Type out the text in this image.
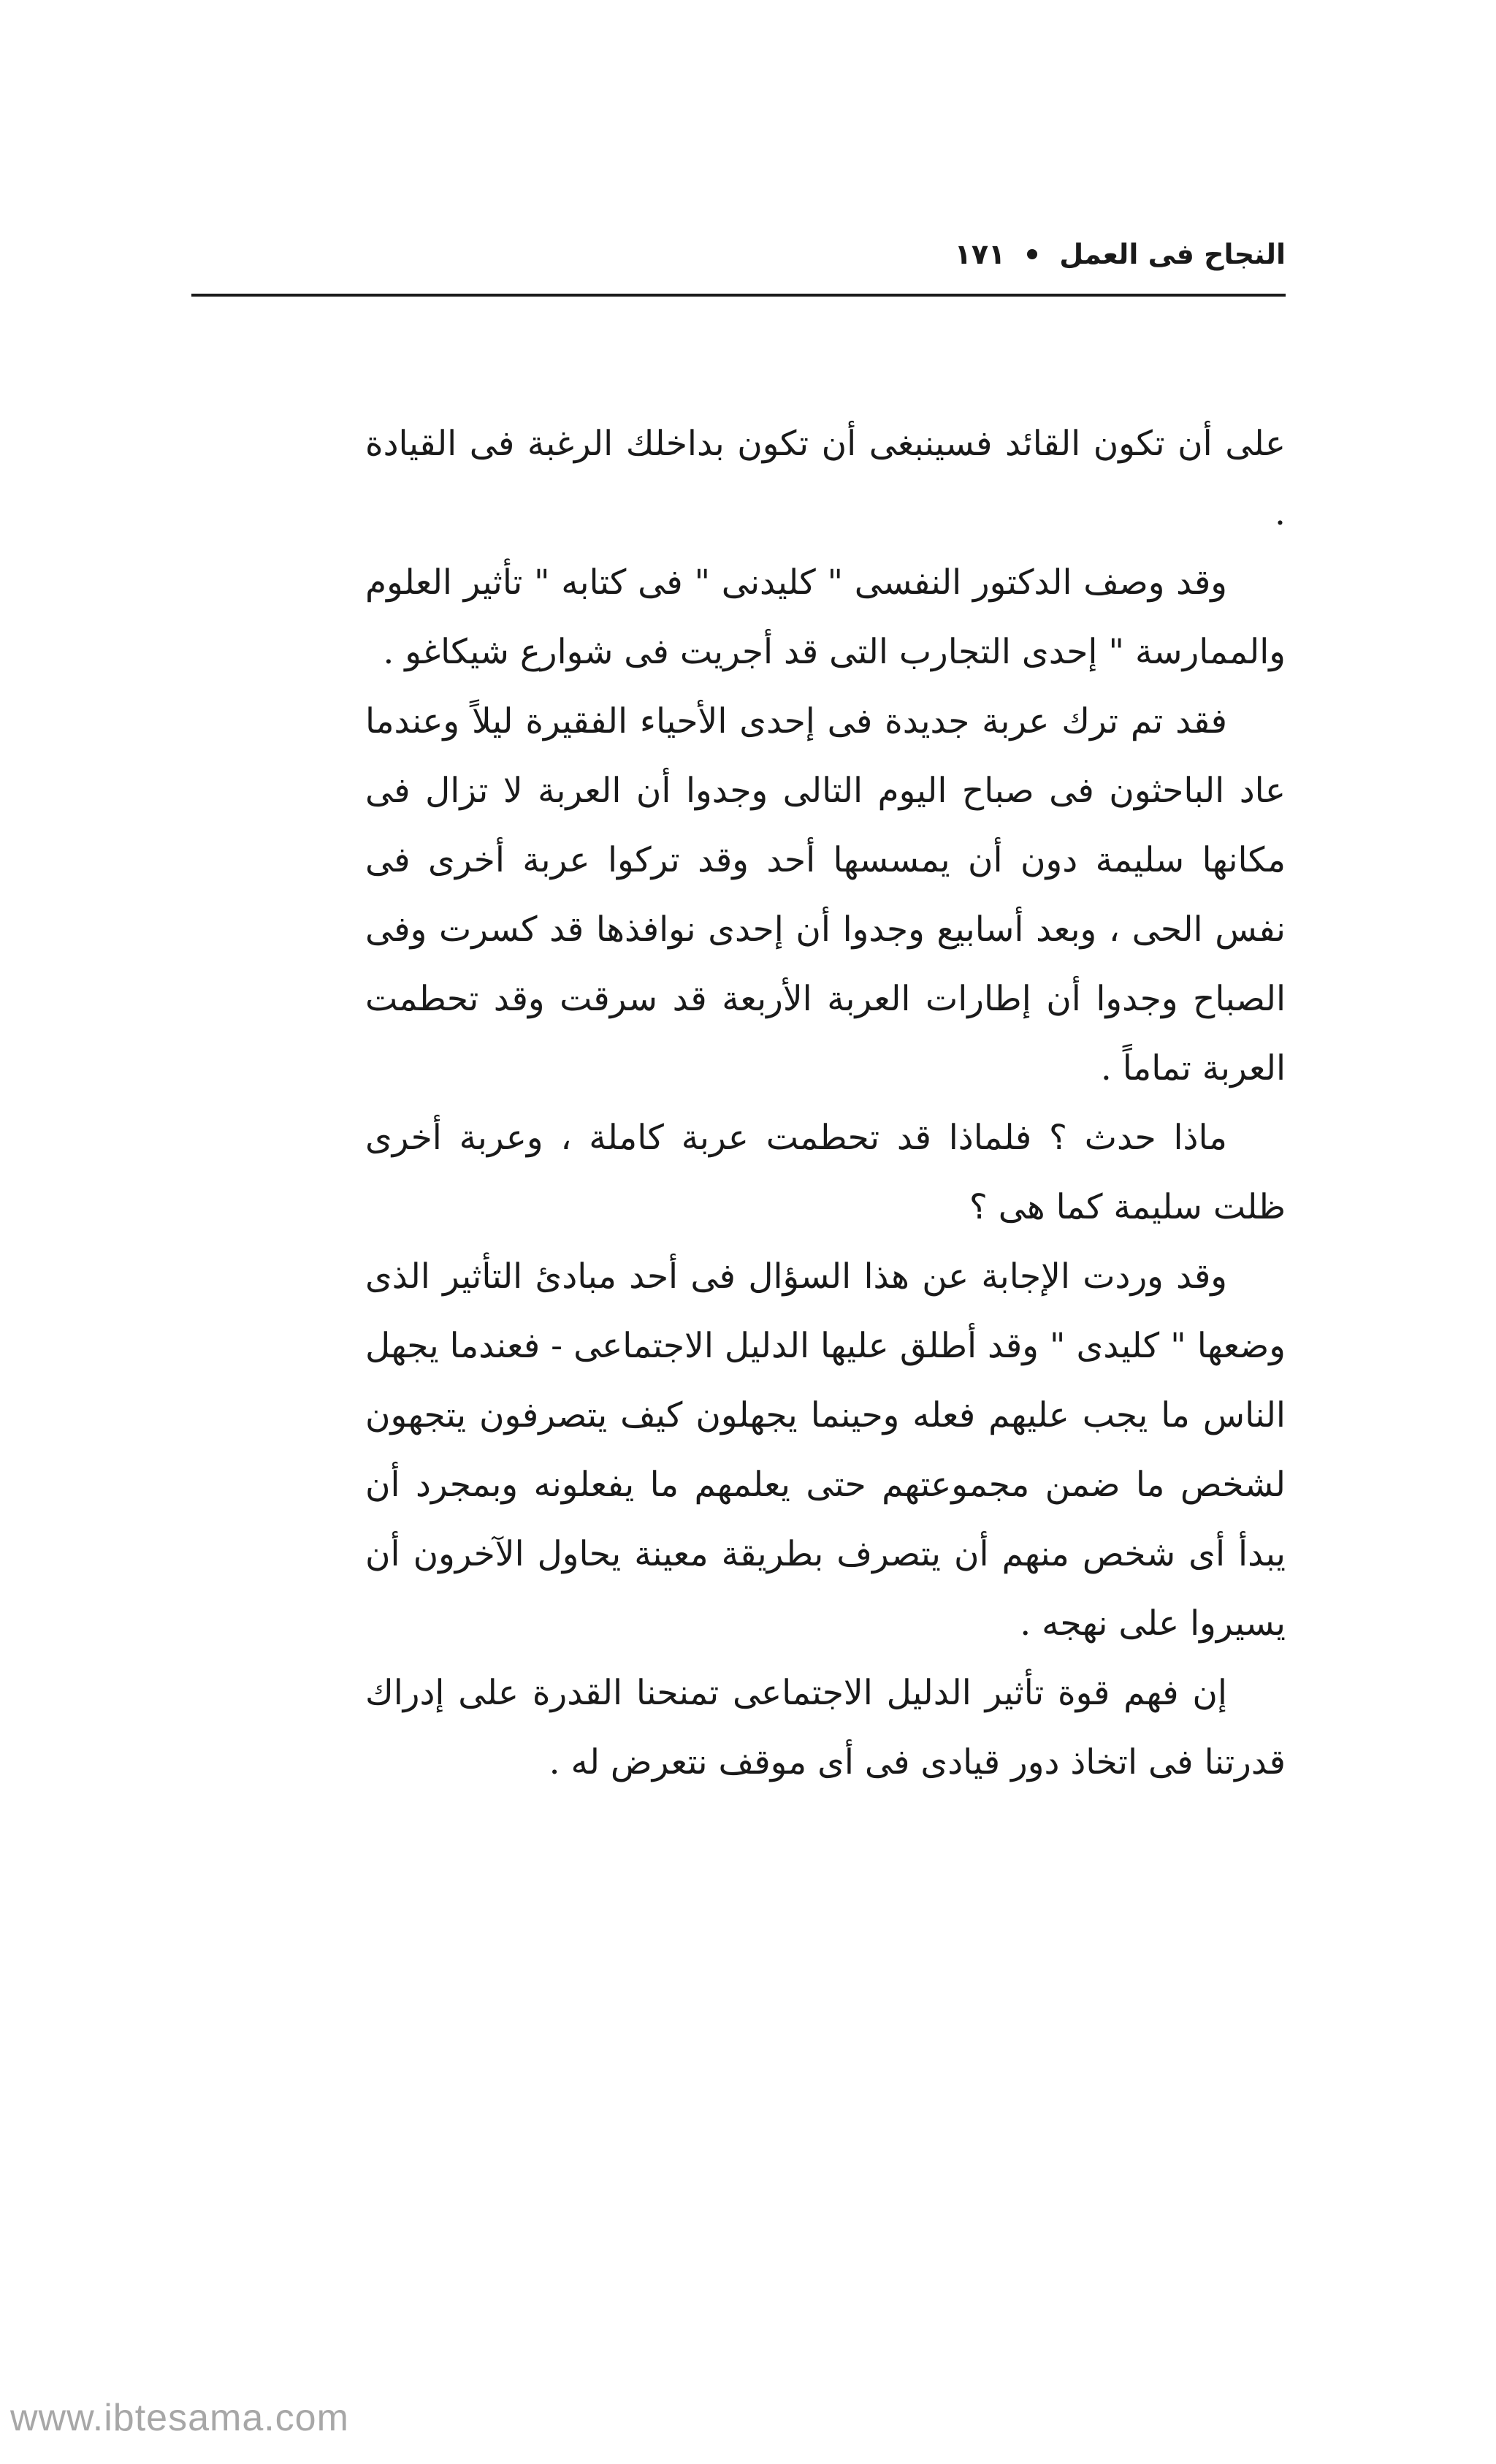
النجاح فى العمل
١٧١

على أن تكون القائد فسينبغى أن تكون بداخلك الرغبة فى القيادة .

وقد وصف الدكتور النفسى " كليدنى " فى كتابه " تأثير العلوم والممارسة " إحدى التجارب التى قد أجريت فى شوارع شيكاغو .

فقد تم ترك عربة جديدة فى إحدى الأحياء الفقيرة ليلاً وعندما عاد الباحثون فى صباح اليوم التالى وجدوا أن العربة لا تزال فى مكانها سليمة دون أن يمسسها أحد وقد تركوا عربة أخرى فى نفس الحى ، وبعد أسابيع وجدوا أن إحدى نوافذها قد كسرت وفى الصباح وجدوا أن إطارات العربة الأربعة قد سرقت وقد تحطمت العربة تماماً .

ماذا حدث ؟ فلماذا قد تحطمت عربة كاملة ، وعربة أخرى ظلت سليمة كما هى ؟

وقد وردت الإجابة عن هذا السؤال فى أحد مبادئ التأثير الذى وضعها " كليدى " وقد أطلق عليها الدليل الاجتماعى - فعندما يجهل الناس ما يجب عليهم فعله وحينما يجهلون كيف يتصرفون يتجهون لشخص ما ضمن مجموعتهم حتى يعلمهم ما يفعلونه وبمجرد أن يبدأ أى شخص منهم أن يتصرف بطريقة معينة يحاول الآخرون أن يسيروا على نهجه .

إن فهم قوة تأثير الدليل الاجتماعى تمنحنا القدرة على إدراك قدرتنا فى اتخاذ دور قيادى فى أى موقف نتعرض له .

www.ibtesama.com
